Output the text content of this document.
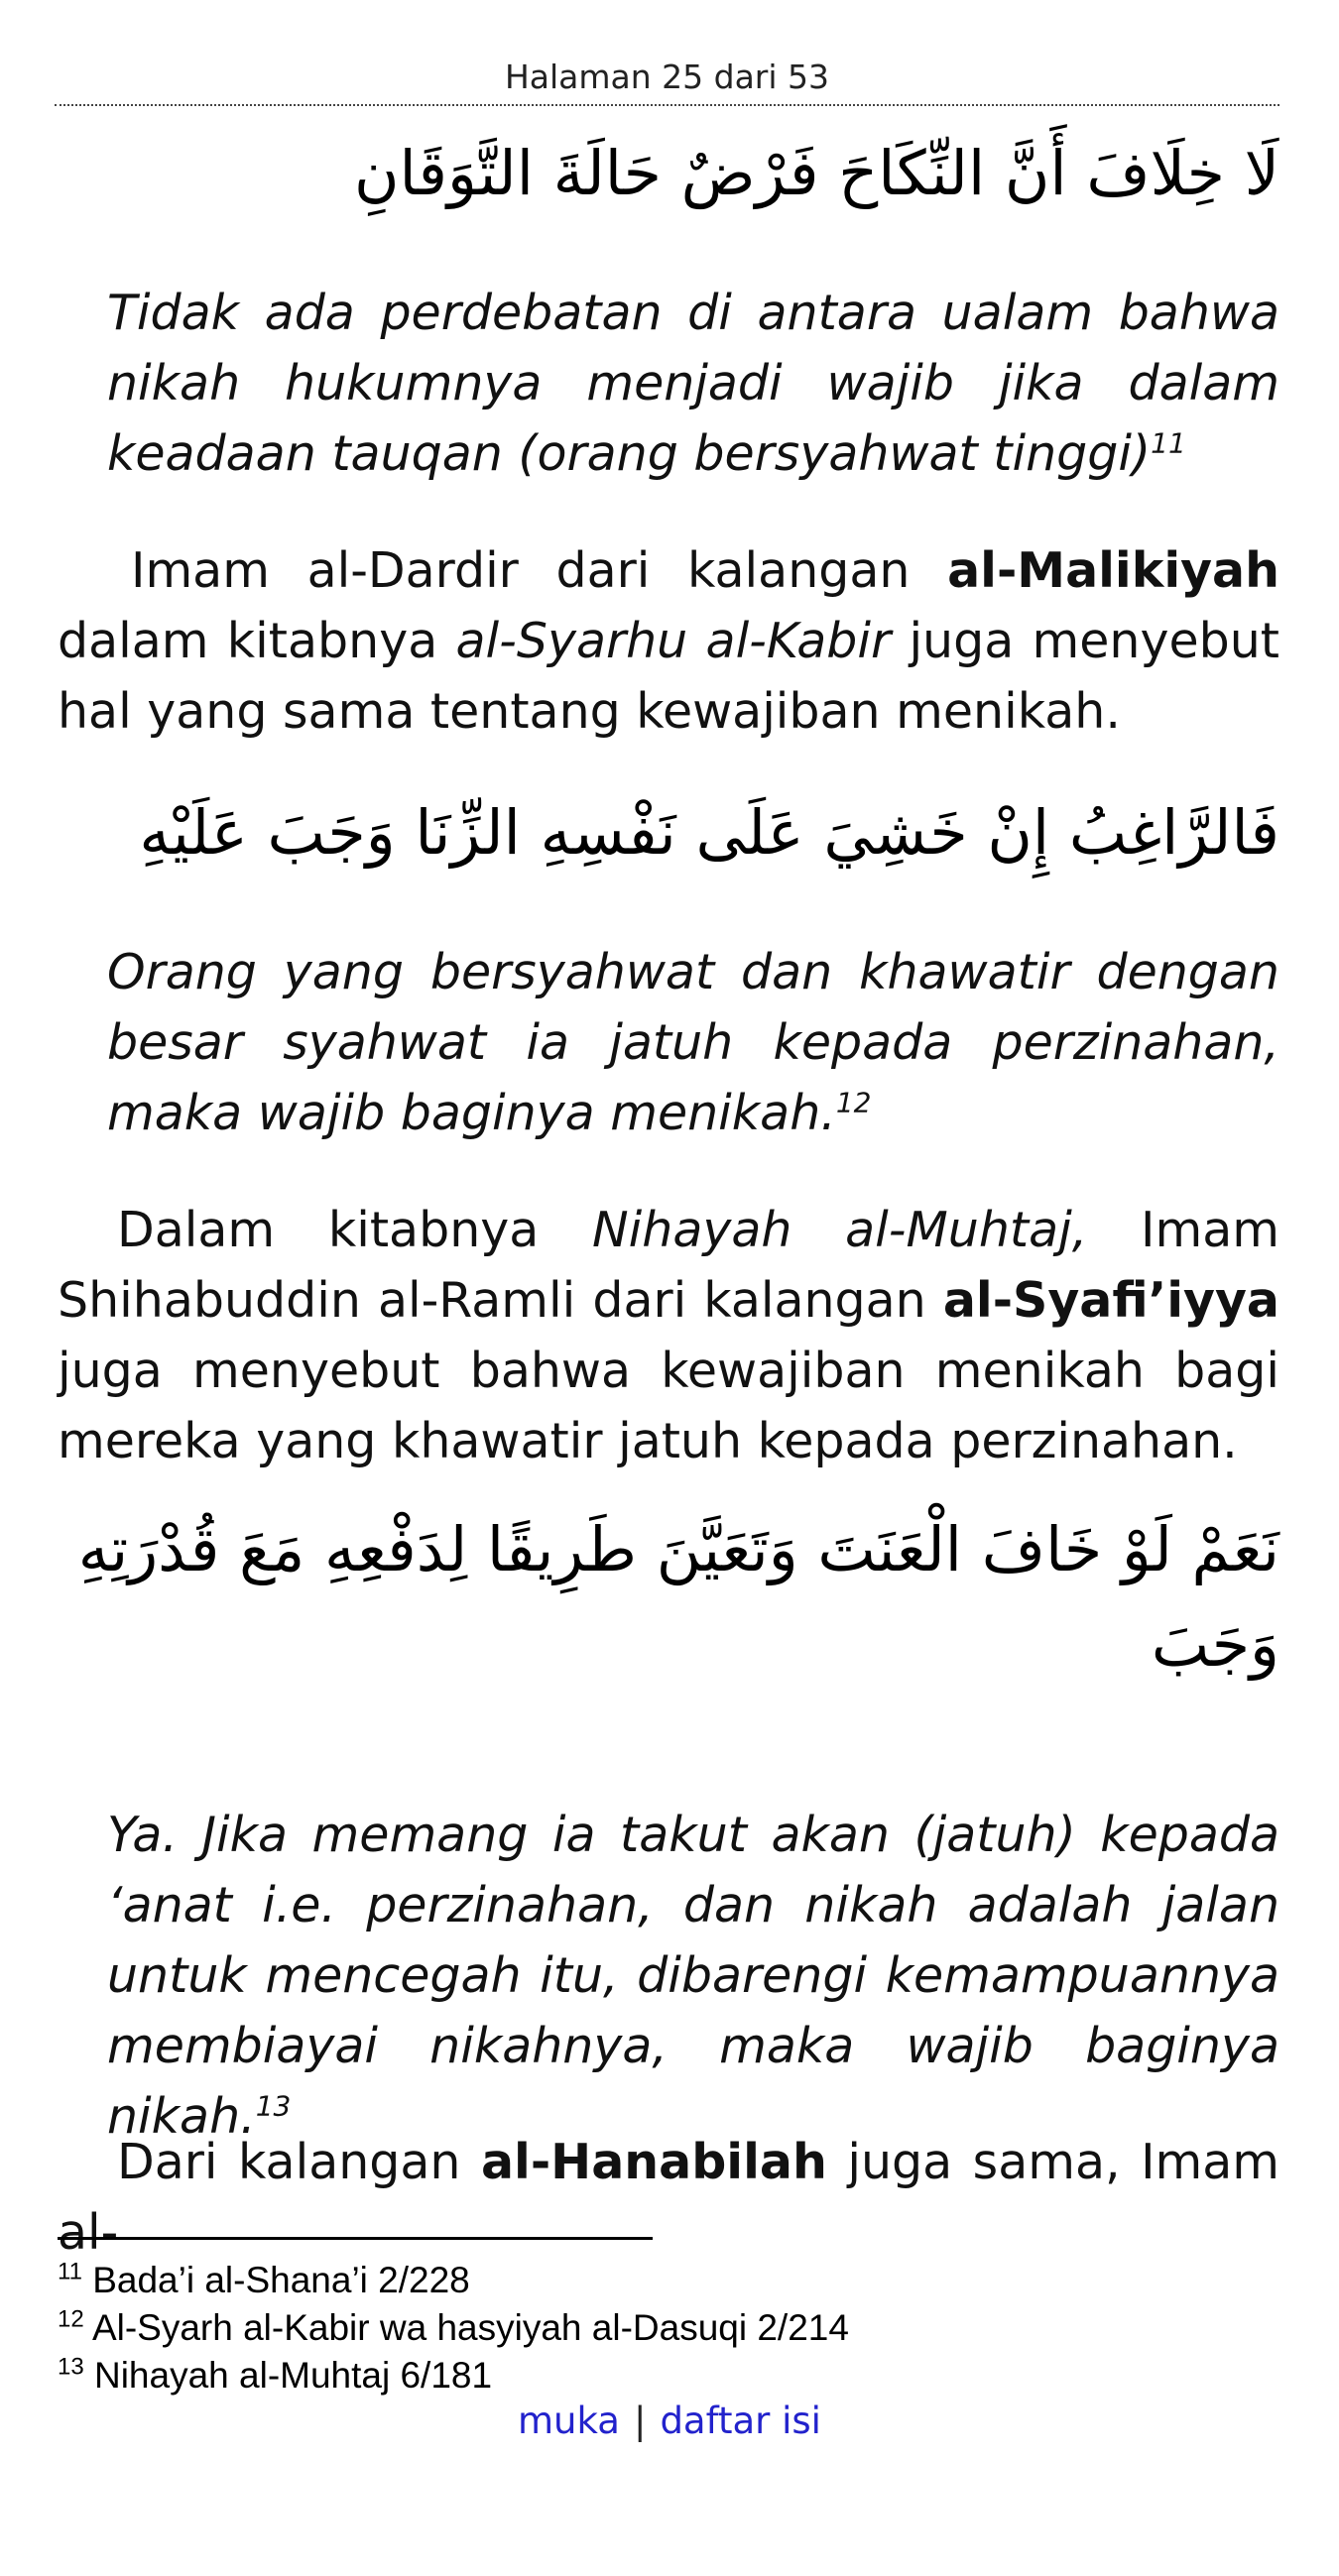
Halaman 25 dari 53
لَا خِلَافَ أَنَّ النِّكَاحَ فَرْضٌ حَالَةَ التَّوَقَانِ

Tidak ada perdebatan di antara ualam bahwa nikah hukumnya menjadi wajib jika dalam keadaan tauqan (orang bersyahwat tinggi)$^{11}$

Imam al-Dardir dari kalangan al-Malikiyah dalam kitabnya al-Syarhu al-Kabir juga menyebut hal yang sama tentang kewajiban menikah.

فَالرَّاغِبُ إِنْ خَشِيَ عَلَى نَفْسِهِ الزِّنَا وَجَبَ عَلَيْهِ

Orang yang bersyahwat dan khawatir dengan besar syahwat ia jatuh kepada perzinahan, maka wajib baginya menikah.$^{12}$

Dalam kitabnya Nihayah al-Muhtaj, Imam Shihabuddin al-Ramli dari kalangan al-Syafi’iyya juga menyebut bahwa kewajiban menikah bagi mereka yang khawatir jatuh kepada perzinahan.

نَعَمْ لَوْ خَافَ الْعَنَتَ وَتَعَيَّنَ طَرِيقًا لِدَفْعِهِ مَعَ قُدْرَتِهِ وَجَبَ

Ya. Jika memang ia takut akan (jatuh) kepada ‘anat i.e. perzinahan, dan nikah adalah jalan untuk mencegah itu, dibarengi kemampuannya membiayai nikahnya, maka wajib baginya nikah.$^{13}$

Dari kalangan al-Hanabilah juga sama, Imam al-

$^{11}$ Bada’i al-Shana’i 2/228
$^{12}$ Al-Syarh al-Kabir wa hasyiyah al-Dasuqi 2/214
$^{13}$ Nihayah al-Muhtaj 6/181
muka | daftar isi
